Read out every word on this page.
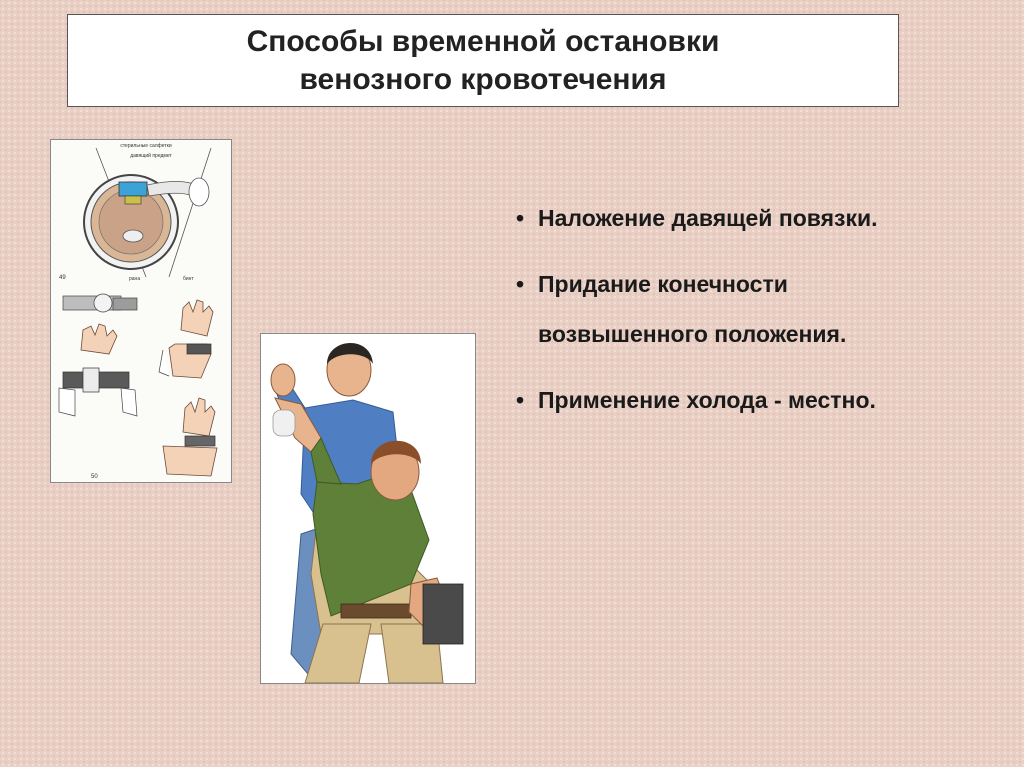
Способы временной остановки
венозного кровотечения
стерильные салфетки
давящий предмет
49	рана	бинт
50
• Наложение давящей повязки.
• Придание конечности
возвышенного положения.
• Применение холода - местно.
